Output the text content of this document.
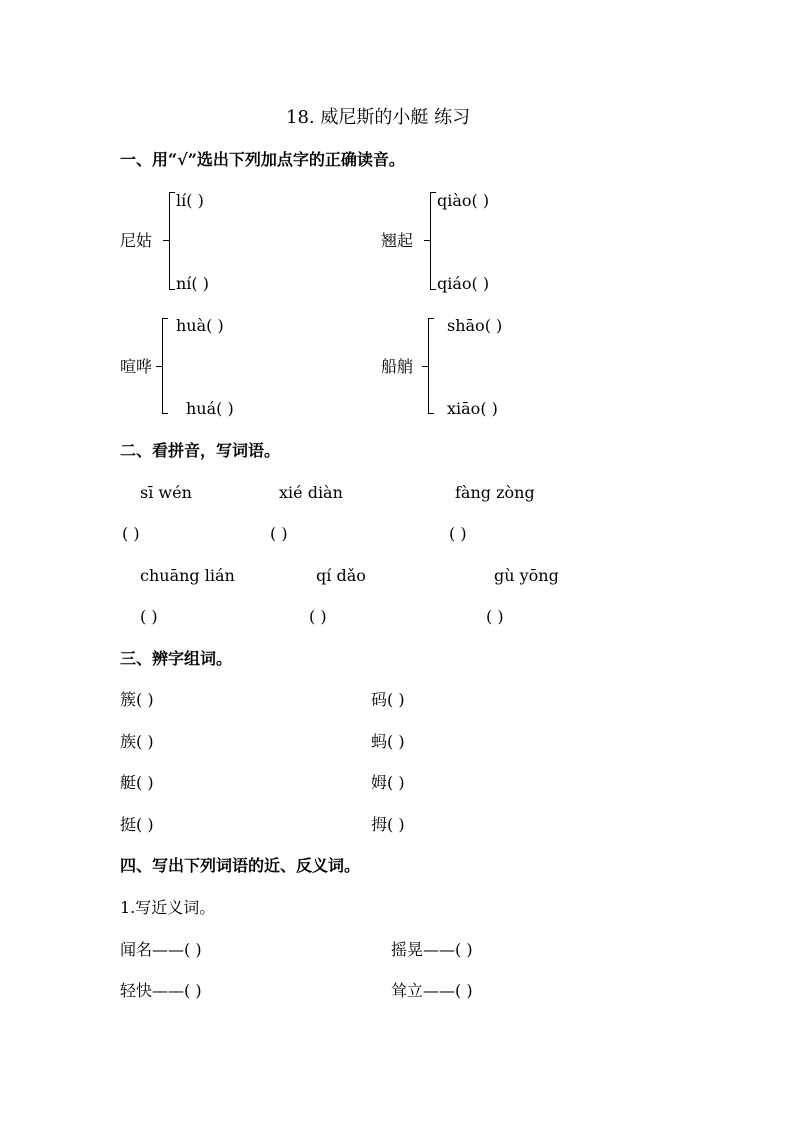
18. 威尼斯的小艇 练习
一、用“√”选出下列加点字的正确读音。
尼姑
lí( )
ní( )
翘起
qiào( )
qiáo( )
喧哗
huà( )
huá( )
船艄
shāo( )
xiāo( )
二、看拼音，写词语。
sī wén	xié diàn	fàng zòng
( )	( )	( )
chuāng lián	qí dǎo	gù yōng
( )	( )	( )
三、辨字组词。
簇( )	码( )
族( )	蚂( )
艇( )	姆( )
挺( )	拇( )
四、写出下列词语的近、反义词。
1.写近义词。
闻名——( )	摇晃——( )
轻快——( )	耸立——( )
